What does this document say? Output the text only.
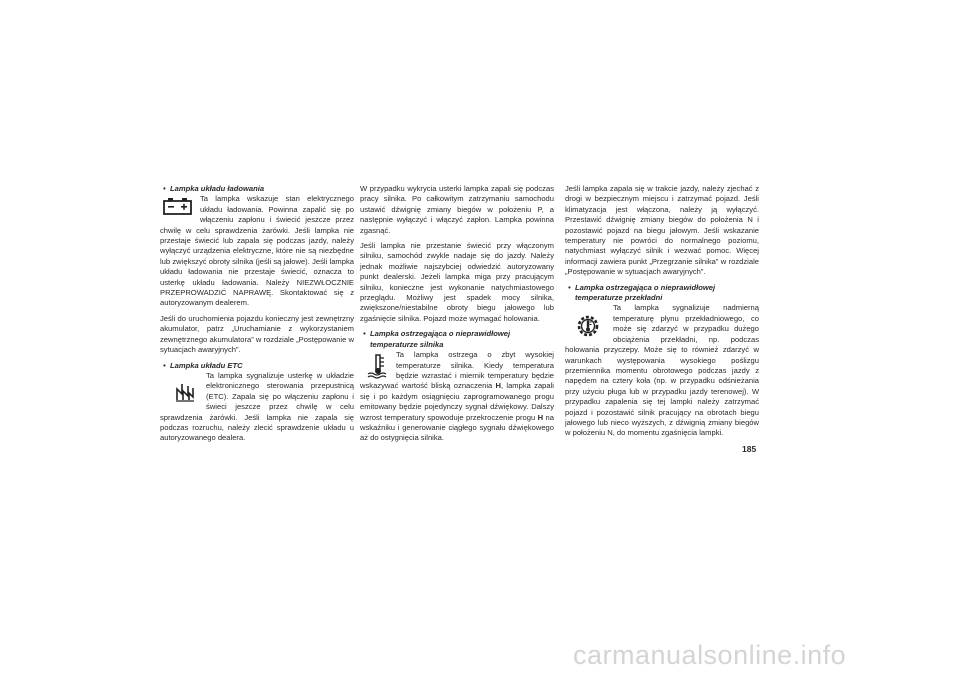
• Lampka układu ładowania

Ta lampka wskazuje stan elektrycznego układu ładowania. Powinna zapalić się po włączeniu zapłonu i świecić jeszcze przez chwilę w celu sprawdzenia żarówki. Jeśli lampka nie przestaje świecić lub zapala się podczas jazdy, należy wyłączyć urządzenia elektryczne, które nie są niezbędne lub zwiększyć obroty silnika (jeśli są jałowe). Jeśli lampka układu ładowania nie przestaje świecić, oznacza to usterkę układu ładowania. Należy NIEZWŁOCZNIE PRZEPROWADZIĆ NAPRAWĘ. Skontaktować się z autoryzowanym dealerem.

Jeśli do uruchomienia pojazdu konieczny jest zewnętrzny akumulator, patrz „Uruchamianie z wykorzystaniem zewnętrznego akumulatora” w rozdziale „Postępowanie w sytuacjach awaryjnych”.

• Lampka układu ETC

Ta lampka sygnalizuje usterkę w układzie elektronicznego sterowania przepustnicą (ETC). Zapala się po włączeniu zapłonu i świeci jeszcze przez chwilę w celu sprawdzenia żarówki. Jeśli lampka nie zapala się podczas rozruchu, należy zlecić sprawdzenie układu u autoryzowanego dealera.

W przypadku wykrycia usterki lampka zapali się podczas pracy silnika. Po całkowitym zatrzymaniu samochodu ustawić dźwignię zmiany biegów w położeniu P, a następnie wyłączyć i włączyć zapłon. Lampka powinna zgasnąć.

Jeśli lampka nie przestanie świecić przy włączonym silniku, samochód zwykle nadaje się do jazdy. Należy jednak możliwie najszybciej odwiedzić autoryzowany punkt dealerski. Jeżeli lampka miga przy pracującym silniku, konieczne jest wykonanie natychmiastowego przeglądu. Możliwy jest spadek mocy silnika, zwiększone/niestabilne obroty biegu jałowego lub zgaśnięcie silnika. Pojazd może wymagać holowania.

• Lampka ostrzegająca o nieprawidłowej
temperaturze silnika

Ta lampka ostrzega o zbyt wysokiej temperaturze silnika. Kiedy temperatura będzie wzrastać i miernik temperatury będzie wskazywać wartość bliską oznaczenia H, lampka zapali się i po każdym osiągnięciu zaprogramowanego progu emitowany będzie pojedynczy sygnał dźwiękowy. Dalszy wzrost temperatury spowoduje przekroczenie progu H na wskaźniku i generowanie ciągłego sygnału dźwiękowego aż do ostygnięcia silnika.

Jeśli lampka zapala się w trakcie jazdy, należy zjechać z drogi w bezpiecznym miejscu i zatrzymać pojazd. Jeśli klimatyzacja jest włączona, należy ją wyłączyć. Przestawić dźwignię zmiany biegów do położenia N i pozostawić pojazd na biegu jałowym. Jeśli wskazanie temperatury nie powróci do normalnego poziomu, natychmiast wyłączyć silnik i wezwać pomoc. Więcej informacji zawiera punkt „Przegrzanie silnika” w rozdziale „Postępowanie w sytuacjach awaryjnych”.

• Lampka ostrzegająca o nieprawidłowej
temperaturze przekładni

Ta lampka sygnalizuje nadmierną temperaturę płynu przekładniowego, co może się zdarzyć w przypadku dużego obciążenia przekładni, np. podczas holowania przyczepy. Może się to również zdarzyć w warunkach występowania wysokiego poślizgu przemiennika momentu obrotowego podczas jazdy z napędem na cztery koła (np. w przypadku odśnieżania przy użyciu pługa lub w przypadku jazdy terenowej). W przypadku zapalenia się tej lampki należy zatrzymać pojazd i pozostawić silnik pracujący na obrotach biegu jałowego lub nieco wyższych, z dźwignią zmiany biegów w położeniu N, do momentu zgaśnięcia lampki.

185
carmanualsonline.info
